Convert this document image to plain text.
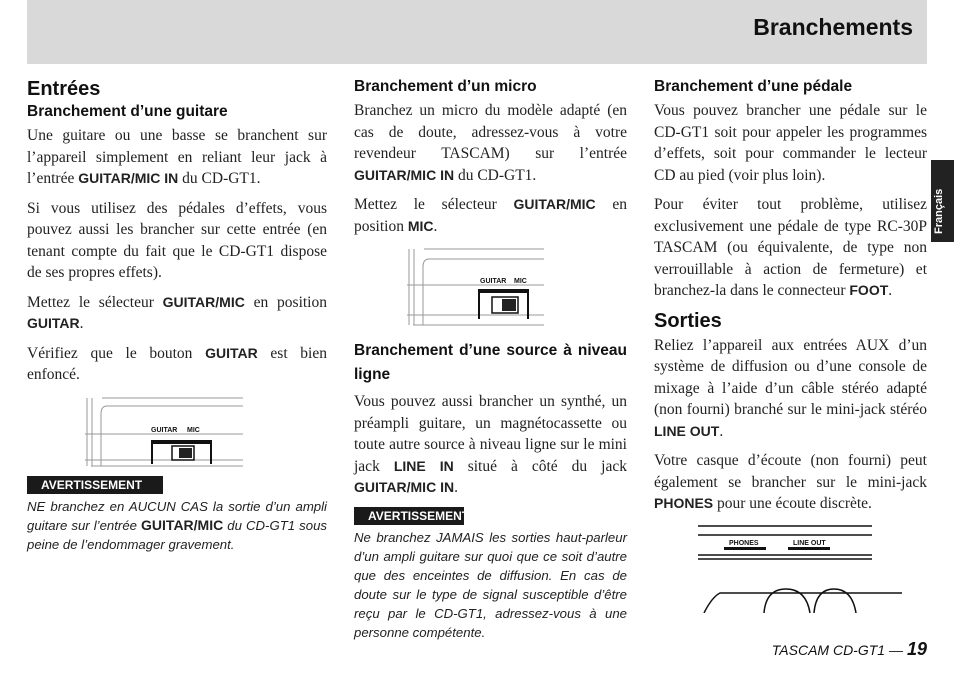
Branchements
Français
Entrées
Branchement d’une guitare

Une guitare ou une basse se branchent sur l’appareil simplement en reliant leur jack à l’entrée GUITAR/MIC IN du CD-GT1.

Si vous utilisez des pédales d’effets, vous pouvez aussi les brancher sur cette entrée (en tenant compte du fait que le CD-GT1 dispose de ses propres effets).

Mettez le sélecteur GUITAR/MIC en position GUITAR.

Vérifiez que le bouton GUITAR est bien enfoncé.

GUITAR MIC
AVERTISSEMENT

NE branchez en AUCUN CAS la sortie d’un ampli guitare sur l’entrée GUITAR/MIC du CD-GT1 sous peine de l’endommager gravement.

Branchement d’un micro

Branchez un micro du modèle adapté (en cas de doute, adressez-vous à votre revendeur TASCAM) sur l’entrée GUITAR/MIC IN du CD-GT1.

Mettez le sélecteur GUITAR/MIC en position MIC.

GUITAR MIC
Branchement d’une source à niveau ligne

Vous pouvez aussi brancher un synthé, un préampli guitare, un magnétocassette ou toute autre source à niveau ligne sur le mini jack LINE IN situé à côté du jack GUITAR/MIC IN.

AVERTISSEMENT

Ne branchez JAMAIS les sorties haut-parleur d’un ampli guitare sur quoi que ce soit d’autre que des enceintes de diffusion. En cas de doute sur le type de signal susceptible d’être reçu par le CD-GT1, adressez-vous à une personne compétente.

Branchement d’une pédale

Vous pouvez brancher une pédale sur le CD-GT1 soit pour appeler les programmes d’effets, soit pour commander le lecteur CD au pied (voir plus loin).

Pour éviter tout problème, utilisez exclusivement une pédale de type RC-30P TASCAM (ou équivalente, de type non verrouillable à action de fermeture) et branchez-la dans le connecteur FOOT.

Sorties

Reliez l’appareil aux entrées AUX d’un système de diffusion ou d’une console de mixage à l’aide d’un câble stéréo adapté (non fourni) branché sur le mini-jack stéréo LINE OUT.

Votre casque d’écoute (non fourni) peut également se brancher sur le mini-jack PHONES pour une écoute discrète.

PHONES	LINE OUT
TASCAM CD-GT1 — 19
